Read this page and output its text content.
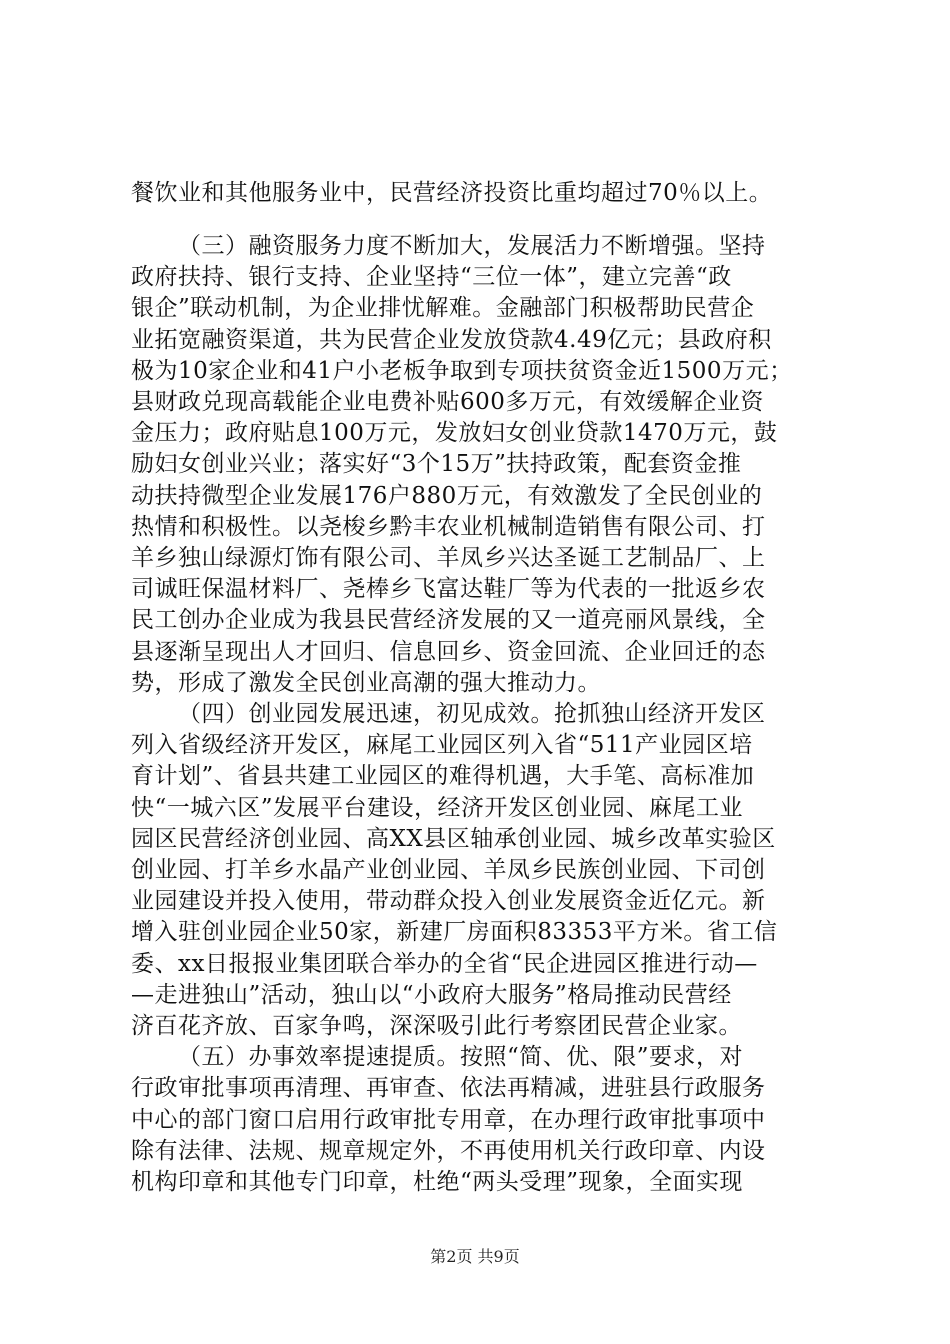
餐饮业和其他服务业中，民营经济投资比重均超过70％以上。
（三）融资服务力度不断加大，发展活力不断增强。坚持
政府扶持、银行支持、企业坚持“三位一体”，建立完善“政
银企”联动机制，为企业排忧解难。金融部门积极帮助民营企
业拓宽融资渠道，共为民营企业发放贷款4.49亿元；县政府积
极为10家企业和41户小老板争取到专项扶贫资金近1500万元；
县财政兑现高载能企业电费补贴600多万元，有效缓解企业资
金压力；政府贴息100万元，发放妇女创业贷款1470万元，鼓
励妇女创业兴业；落实好“3个15万”扶持政策，配套资金推
动扶持微型企业发展176户880万元，有效激发了全民创业的
热情和积极性。以尧梭乡黔丰农业机械制造销售有限公司、打
羊乡独山绿源灯饰有限公司、羊凤乡兴达圣诞工艺制品厂、上
司诚旺保温材料厂、尧棒乡飞富达鞋厂等为代表的一批返乡农
民工创办企业成为我县民营经济发展的又一道亮丽风景线，全
县逐渐呈现出人才回归、信息回乡、资金回流、企业回迁的态
势，形成了激发全民创业高潮的强大推动力。
（四）创业园发展迅速，初见成效。抢抓独山经济开发区
列入省级经济开发区，麻尾工业园区列入省“511产业园区培
育计划”、省县共建工业园区的难得机遇，大手笔、高标准加
快“一城六区”发展平台建设，经济开发区创业园、麻尾工业
园区民营经济创业园、高XX县区轴承创业园、城乡改革实验区
创业园、打羊乡水晶产业创业园、羊凤乡民族创业园、下司创
业园建设并投入使用，带动群众投入创业发展资金近亿元。新
增入驻创业园企业50家，新建厂房面积83353平方米。省工信
委、xx日报报业集团联合举办的全省“民企进园区推进行动—
—走进独山”活动，独山以“小政府大服务”格局推动民营经
济百花齐放、百家争鸣，深深吸引此行考察团民营企业家。
（五）办事效率提速提质。按照“简、优、限”要求，对
行政审批事项再清理、再审查、依法再精减，进驻县行政服务
中心的部门窗口启用行政审批专用章，在办理行政审批事项中
除有法律、法规、规章规定外，不再使用机关行政印章、内设
机构印章和其他专门印章，杜绝“两头受理”现象，全面实现
第2页 共9页
